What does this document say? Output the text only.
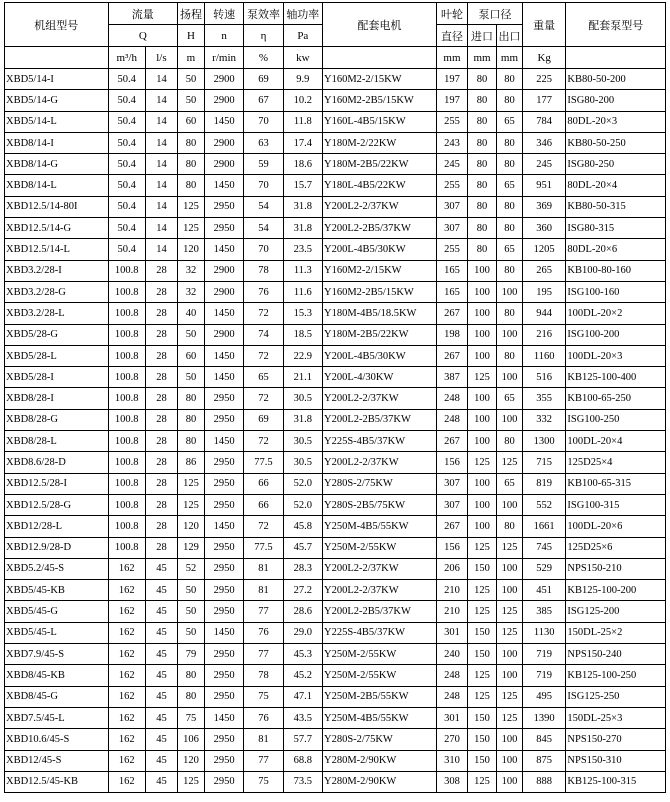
机组型号	流量		扬程	转速	泵效率	轴功率	配套电机	叶轮	泵口径		重量	配套泵型号
	Q		H	n	η	Pa		直径	进口	出口		
	m³/h	l/s	m	r/min	%	kw		mm	mm	mm	Kg	
XBD5/14-I	50.4	14	50	2900	69	9.9	Y160M2-2/15KW	197	80	80	225	KB80-50-200
XBD5/14-G	50.4	14	50	2900	67	10.2	Y160M2-2B5/15KW	197	80	80	177	ISG80-200
XBD5/14-L	50.4	14	60	1450	70	11.8	Y160L-4B5/15KW	255	80	65	784	80DL-20×3
XBD8/14-I	50.4	14	80	2900	63	17.4	Y180M-2/22KW	243	80	80	346	KB80-50-250
XBD8/14-G	50.4	14	80	2900	59	18.6	Y180M-2B5/22KW	245	80	80	245	ISG80-250
XBD8/14-L	50.4	14	80	1450	70	15.7	Y180L-4B5/22KW	255	80	65	951	80DL-20×4
XBD12.5/14-80I	50.4	14	125	2950	54	31.8	Y200L2-2/37KW	307	80	80	369	KB80-50-315
XBD12.5/14-G	50.4	14	125	2950	54	31.8	Y200L2-2B5/37KW	307	80	80	360	ISG80-315
XBD12.5/14-L	50.4	14	120	1450	70	23.5	Y200L-4B5/30KW	255	80	65	1205	80DL-20×6
XBD3.2/28-I	100.8	28	32	2900	78	11.3	Y160M2-2/15KW	165	100	80	265	KB100-80-160
XBD3.2/28-G	100.8	28	32	2900	76	11.6	Y160M2-2B5/15KW	165	100	100	195	ISG100-160
XBD3.2/28-L	100.8	28	40	1450	72	15.3	Y180M-4B5/18.5KW	267	100	80	944	100DL-20×2
XBD5/28-G	100.8	28	50	2900	74	18.5	Y180M-2B5/22KW	198	100	100	216	ISG100-200
XBD5/28-L	100.8	28	60	1450	72	22.9	Y200L-4B5/30KW	267	100	80	1160	100DL-20×3
XBD5/28-I	100.8	28	50	1450	65	21.1	Y200L-4/30KW	387	125	100	516	KB125-100-400
XBD8/28-I	100.8	28	80	2950	72	30.5	Y200L2-2/37KW	248	100	65	355	KB100-65-250
XBD8/28-G	100.8	28	80	2950	69	31.8	Y200L2-2B5/37KW	248	100	100	332	ISG100-250
XBD8/28-L	100.8	28	80	1450	72	30.5	Y225S-4B5/37KW	267	100	80	1300	100DL-20×4
XBD8.6/28-D	100.8	28	86	2950	77.5	30.5	Y200L2-2/37KW	156	125	125	715	125D25×4
XBD12.5/28-I	100.8	28	125	2950	66	52.0	Y280S-2/75KW	307	100	65	819	KB100-65-315
XBD12.5/28-G	100.8	28	125	2950	66	52.0	Y280S-2B5/75KW	307	100	100	552	ISG100-315
XBD12/28-L	100.8	28	120	1450	72	45.8	Y250M-4B5/55KW	267	100	80	1661	100DL-20×6
XBD12.9/28-D	100.8	28	129	2950	77.5	45.7	Y250M-2/55KW	156	125	125	745	125D25×6
XBD5.2/45-S	162	45	52	2950	81	28.3	Y200L2-2/37KW	206	150	100	529	NPS150-210
XBD5/45-KB	162	45	50	2950	81	27.2	Y200L2-2/37KW	210	125	100	451	KB125-100-200
XBD5/45-G	162	45	50	2950	77	28.6	Y200L2-2B5/37KW	210	125	125	385	ISG125-200
XBD5/45-L	162	45	50	1450	76	29.0	Y225S-4B5/37KW	301	150	125	1130	150DL-25×2
XBD7.9/45-S	162	45	79	2950	77	45.3	Y250M-2/55KW	240	150	100	719	NPS150-240
XBD8/45-KB	162	45	80	2950	78	45.2	Y250M-2/55KW	248	125	100	719	KB125-100-250
XBD8/45-G	162	45	80	2950	75	47.1	Y250M-2B5/55KW	248	125	125	495	ISG125-250
XBD7.5/45-L	162	45	75	1450	76	43.5	Y250M-4B5/55KW	301	150	125	1390	150DL-25×3
XBD10.6/45-S	162	45	106	2950	81	57.7	Y280S-2/75KW	270	150	100	845	NPS150-270
XBD12/45-S	162	45	120	2950	77	68.8	Y280M-2/90KW	310	150	100	875	NPS150-310
XBD12.5/45-KB	162	45	125	2950	75	73.5	Y280M-2/90KW	308	125	100	888	KB125-100-315
